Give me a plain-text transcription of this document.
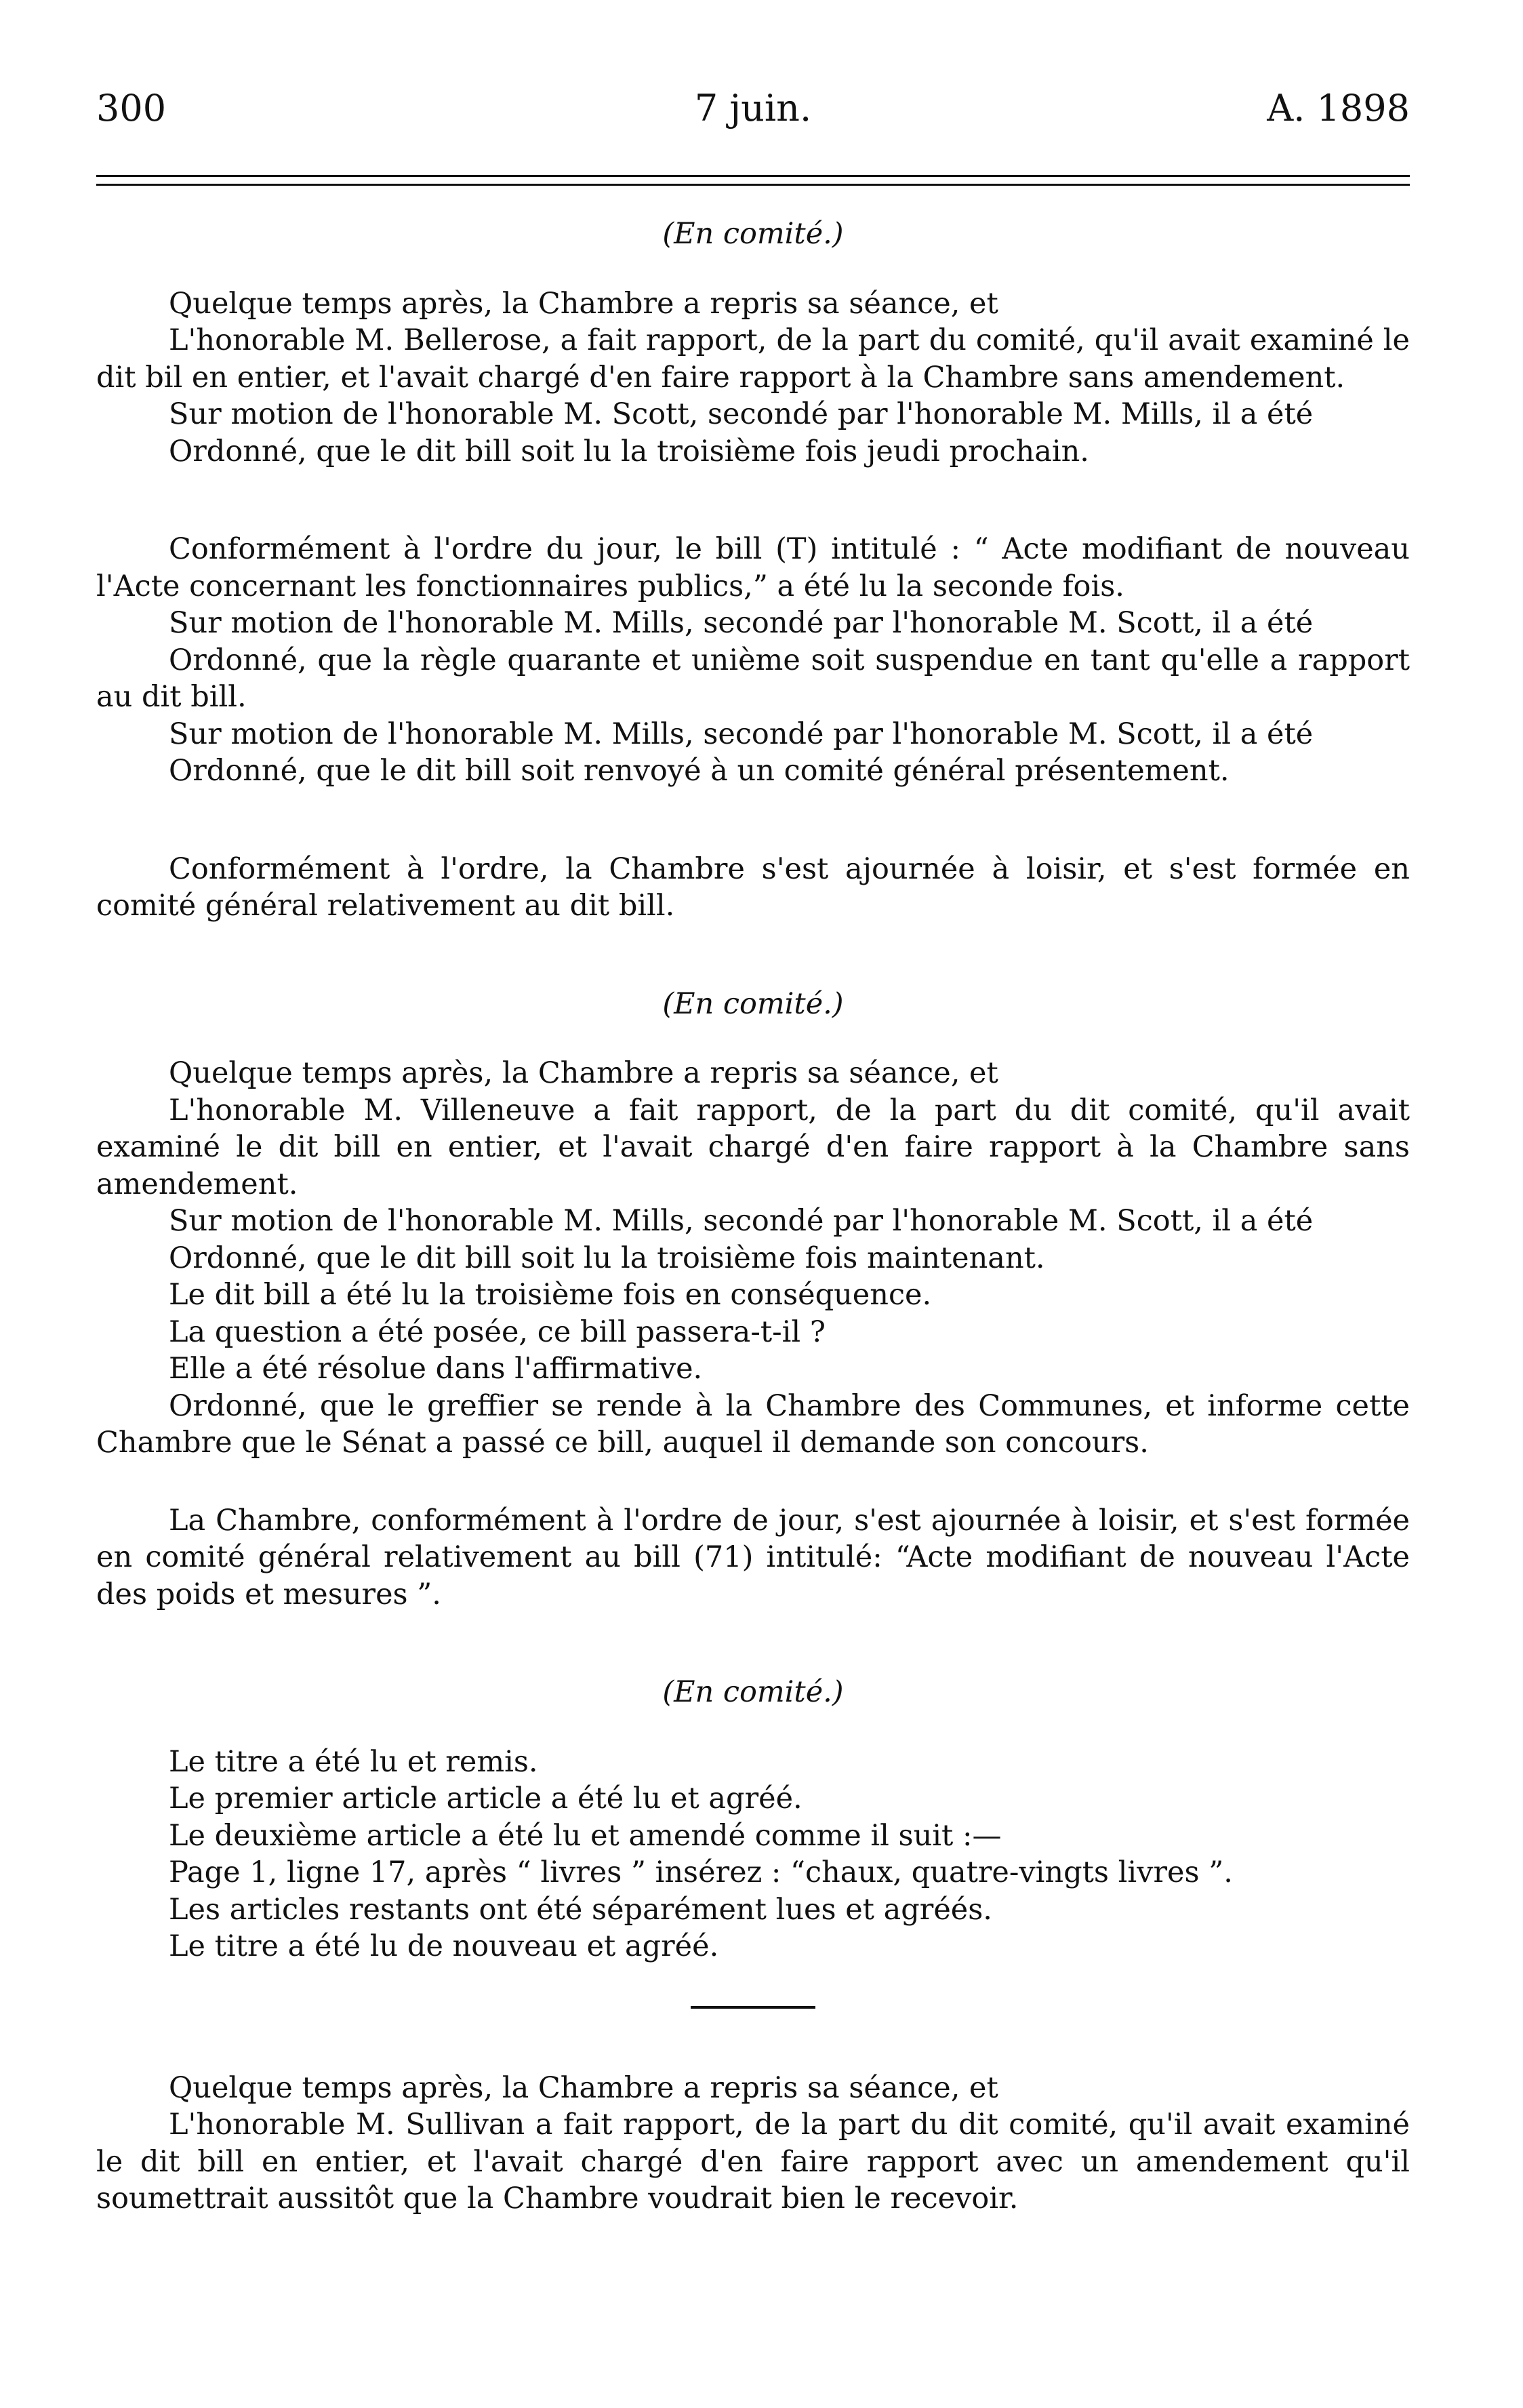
300	7 juin.	A. 1898

(En comité.)

Quelque temps après, la Chambre a repris sa séance, et

L'honorable M. Bellerose, a fait rapport, de la part du comité, qu'il avait examiné le dit bil en entier, et l'avait chargé d'en faire rapport à la Chambre sans amendement.

Sur motion de l'honorable M. Scott, secondé par l'honorable M. Mills, il a été

Ordonné, que le dit bill soit lu la troisième fois jeudi prochain.

Conformément à l'ordre du jour, le bill (T) intitulé : “ Acte modifiant de nouveau l'Acte concernant les fonctionnaires publics,” a été lu la seconde fois.

Sur motion de l'honorable M. Mills, secondé par l'honorable M. Scott, il a été

Ordonné, que la règle quarante et unième soit suspendue en tant qu'elle a rapport au dit bill.

Sur motion de l'honorable M. Mills, secondé par l'honorable M. Scott, il a été

Ordonné, que le dit bill soit renvoyé à un comité général présentement.

Conformément à l'ordre, la Chambre s'est ajournée à loisir, et s'est formée en comité général relativement au dit bill.

(En comité.)

Quelque temps après, la Chambre a repris sa séance, et

L'honorable M. Villeneuve a fait rapport, de la part du dit comité, qu'il avait examiné le dit bill en entier, et l'avait chargé d'en faire rapport à la Chambre sans amendement.

Sur motion de l'honorable M. Mills, secondé par l'honorable M. Scott, il a été

Ordonné, que le dit bill soit lu la troisième fois maintenant.

Le dit bill a été lu la troisième fois en conséquence.

La question a été posée, ce bill passera-t-il ?

Elle a été résolue dans l'affirmative.

Ordonné, que le greffier se rende à la Chambre des Communes, et informe cette Chambre que le Sénat a passé ce bill, auquel il demande son concours.

La Chambre, conformément à l'ordre de jour, s'est ajournée à loisir, et s'est formée en comité général relativement au bill (71) intitulé: “Acte modifiant de nouveau l'Acte des poids et mesures ”.

(En comité.)

Le titre a été lu et remis.

Le premier article article a été lu et agréé.

Le deuxième article a été lu et amendé comme il suit :—

Page 1, ligne 17, après “ livres ” insérez : “chaux, quatre-vingts livres ”.

Les articles restants ont été séparément lues et agréés.

Le titre a été lu de nouveau et agréé.

Quelque temps après, la Chambre a repris sa séance, et

L'honorable M. Sullivan a fait rapport, de la part du dit comité, qu'il avait examiné le dit bill en entier, et l'avait chargé d'en faire rapport avec un amendement qu'il soumettrait aussitôt que la Chambre voudrait bien le recevoir.
